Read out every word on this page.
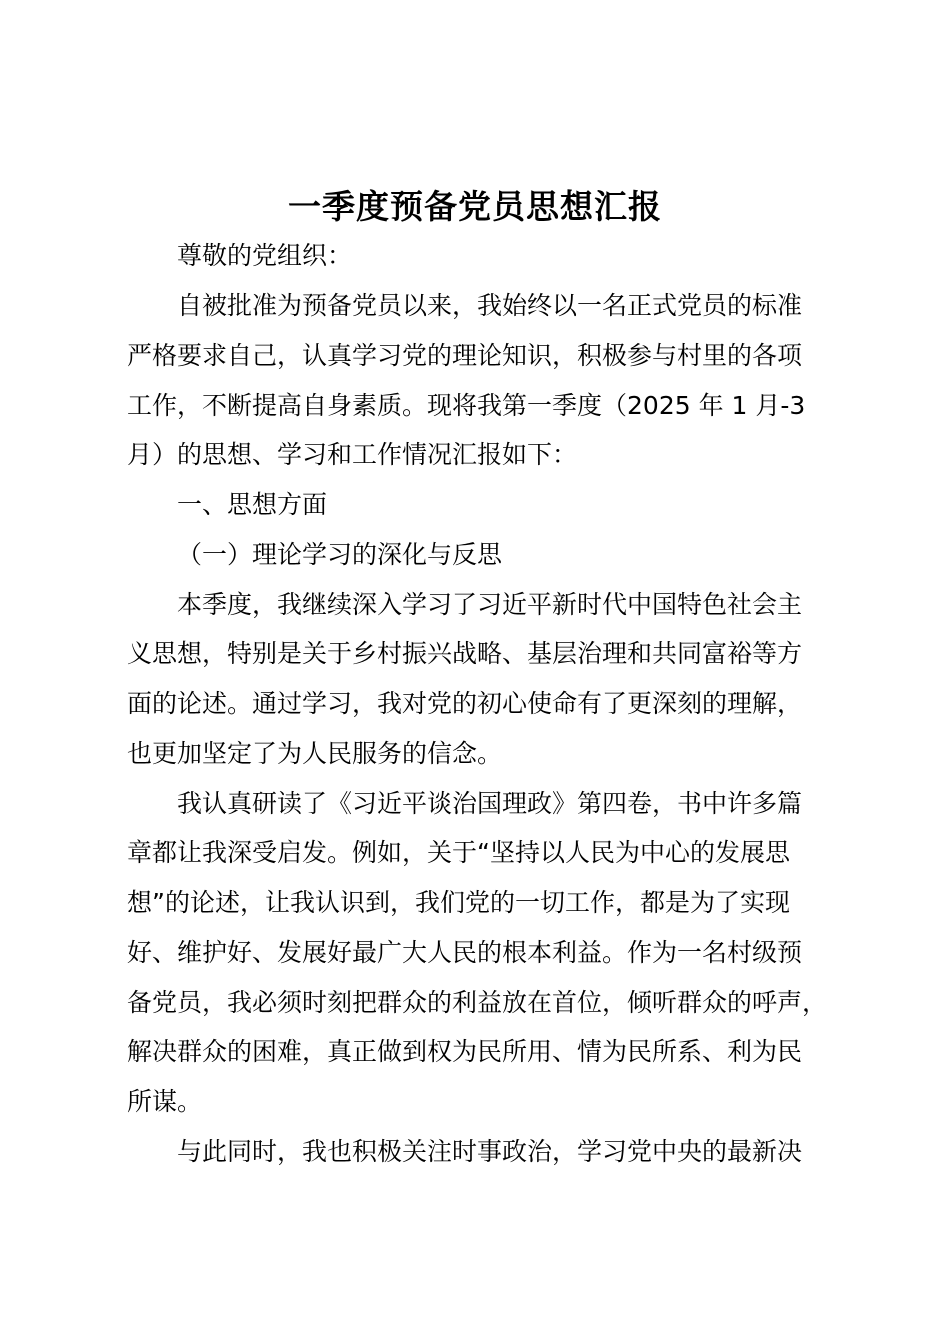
一季度预备党员思想汇报
尊敬的党组织：
自被批准为预备党员以来，我始终以一名正式党员的标准
严格要求自己，认真学习党的理论知识，积极参与村里的各项
工作，不断提高自身素质。现将我第一季度（2025 年 1 月-3
月）的思想、学习和工作情况汇报如下：
一、思想方面
（一）理论学习的深化与反思
本季度，我继续深入学习了习近平新时代中国特色社会主
义思想，特别是关于乡村振兴战略、基层治理和共同富裕等方
面的论述。通过学习，我对党的初心使命有了更深刻的理解，
也更加坚定了为人民服务的信念。
我认真研读了《习近平谈治国理政》第四卷，书中许多篇
章都让我深受启发。例如，关于“坚持以人民为中心的发展思
想”的论述，让我认识到，我们党的一切工作，都是为了实现
好、维护好、发展好最广大人民的根本利益。作为一名村级预
备党员，我必须时刻把群众的利益放在首位，倾听群众的呼声，
解决群众的困难，真正做到权为民所用、情为民所系、利为民
所谋。
与此同时，我也积极关注时事政治，学习党中央的最新决
